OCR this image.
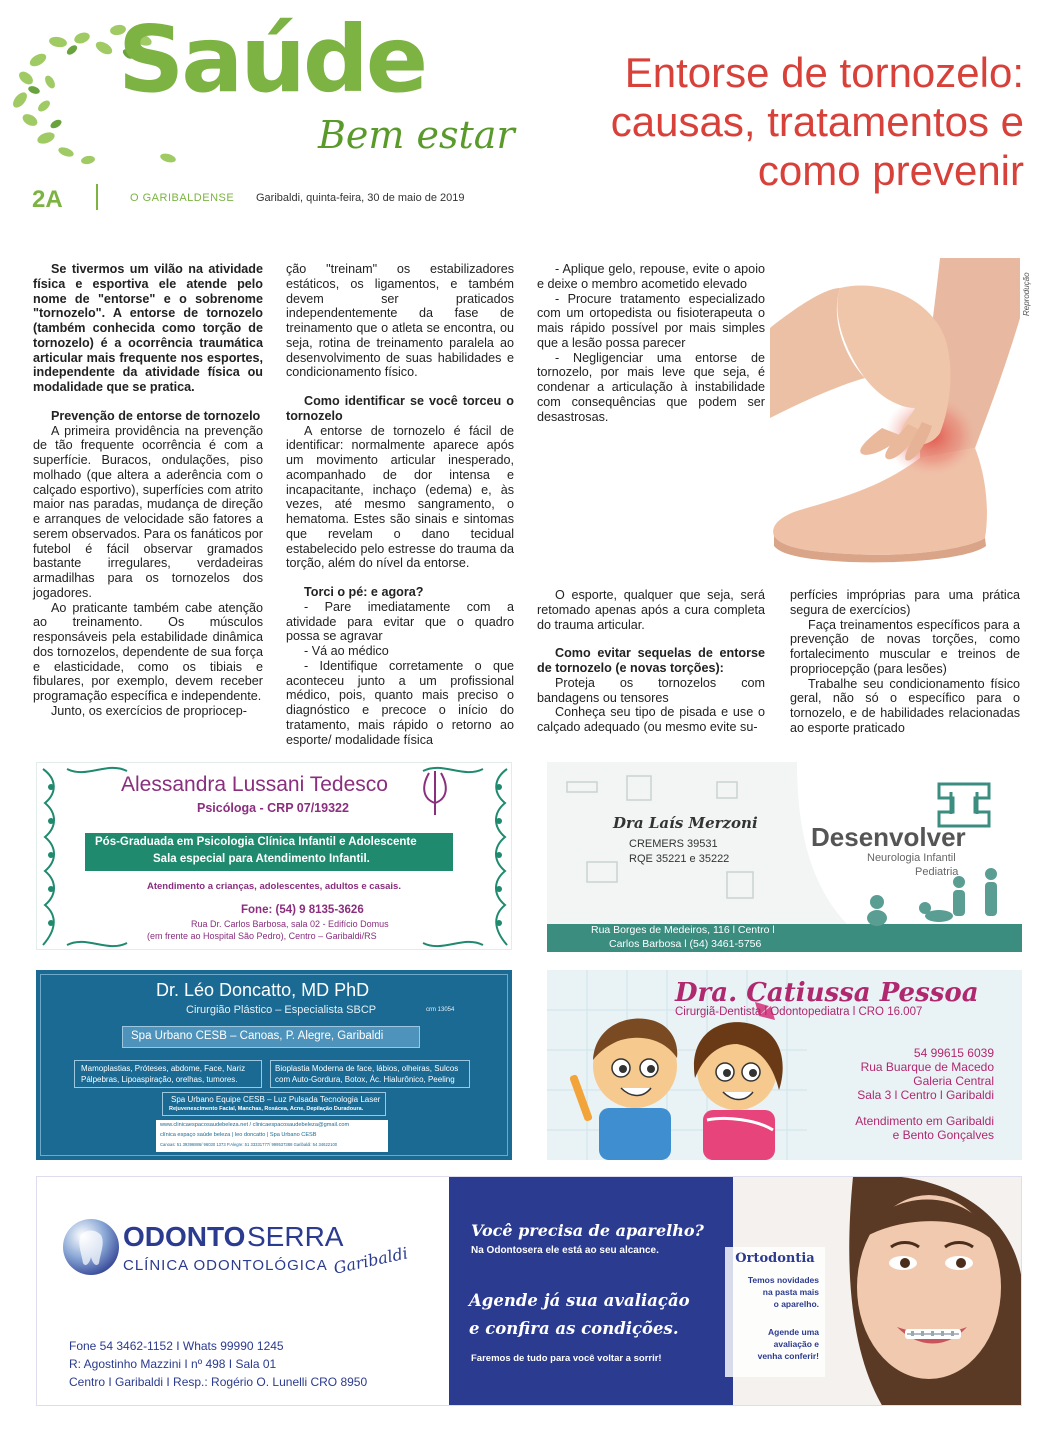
Saúde
Bem estar
2A	O GARIBALDENSE Garibaldi, quinta-feira, 30 de maio de 2019
Entorse de tornozelo:
causas, tratamentos e
como prevenir

Se tivermos um vilão na atividade física e esportiva ele atende pelo nome de "entorse" e o sobrenome "tornozelo". A entorse de tornozelo (também conhecida como torção de tornozelo) é a ocorrência traumática articular mais frequente nos esportes, independente da atividade física ou modalidade que se pratica.

Prevenção de entorse de tornozelo

A primeira providência na prevenção de tão frequente ocorrência é com a superfície. Buracos, ondulações, piso molhado (que altera a aderência com o calçado esportivo), superfícies com atrito maior nas paradas, mudança de direção e arranques de velocidade são fatores a serem observados. Para os fanáticos por futebol é fácil observar gramados bastante irregulares, verdadeiras armadilhas para os tornozelos dos jogadores.

Ao praticante também cabe atenção ao treinamento. Os músculos responsáveis pela estabilidade dinâmica dos tornozelos, dependente de sua força e elasticidade, como os tibiais e fibulares, por exemplo, devem receber programação específica e independente.

Junto, os exercícios de propriocep-

ção "treinam" os estabilizadores estáticos, os ligamentos, e também devem ser praticados independentemente da fase de treinamento que o atleta se encontra, ou seja, rotina de treinamento paralela ao desenvolvimento de suas habilidades e condicionamento físico.

Como identificar se você torceu o tornozelo

A entorse de tornozelo é fácil de identificar: normalmente aparece após um movimento articular inesperado, acompanhado de dor intensa e incapacitante, inchaço (edema) e, às vezes, até mesmo sangramento, o hematoma. Estes são sinais e sintomas que revelam o dano tecidual estabelecido pelo estresse do trauma da torção, além do nível da entorse.

Torci o pé: e agora?

- Pare imediatamente com a atividade para evitar que o quadro possa se agravar

- Vá ao médico

- Identifique corretamente o que aconteceu junto a um profissional médico, pois, quanto mais preciso o diagnóstico e precoce o início do tratamento, mais rápido o retorno ao esporte/ modalidade física

- Aplique gelo, repouse, evite o apoio e deixe o membro acometido elevado

- Procure tratamento especializado com um ortopedista ou fisioterapeuta o mais rápido possível por mais simples que a lesão possa parecer

- Negligenciar uma entorse de tornozelo, por mais leve que seja, é condenar a articulação à instabilidade com consequências que podem ser desastrosas.

O esporte, qualquer que seja, será retomado apenas após a cura completa do trauma articular.

Como evitar sequelas de entorse de tornozelo (e novas torções):

Proteja os tornozelos com bandagens ou tensores

Conheça seu tipo de pisada e use o calçado adequado (ou mesmo evite su-

perfícies impróprias para uma prática segura de exercícios)

Faça treinamentos específicos para a prevenção de novas torções, como fortalecimento muscular e treinos de propriocepção (para lesões)

Trabalhe seu condicionamento físico geral, não só o específico para o tornozelo, e de habilidades relacionadas ao esporte praticado

Reprodução
Alessandra Lussani Tedesco
Psicóloga - CRP 07/19322
Pós-Graduada em Psicologia Clínica Infantil e Adolescente
Sala especial para Atendimento Infantil.
Atendimento a crianças, adolescentes, adultos e casais.
Fone: (54) 9 8135-3626
Rua Dr. Carlos Barbosa, sala 02 - Edifício Domus
(em frente ao Hospital São Pedro), Centro – Garibaldi/RS
Dra Laís Merzoni
CREMERS 39531
RQE 35221 e 35222
Desenvolver
Neurologia Infantil
Pediatria
Rua Borges de Medeiros, 116 l Centro l
Carlos Barbosa l (54) 3461-5756
Dr. Léo Doncatto, MD PhD
Cirurgião Plástico – Especialista SBCP	crm 13054
Spa Urbano CESB – Canoas, P. Alegre, Garibaldi
Mamoplastias, Próteses, abdome, Face, Nariz
Pálpebras, Lipoaspiração, orelhas, tumores.
Bioplastia Moderna de face, lábios, olheiras, Sulcos
com Auto-Gordura, Botox, Ác. Hialurônico, Peeling
Spa Urbano Equipe CESB – Luz Pulsada Tecnologia Laser
Rejuvenescimento Facial, Manchas, Rosácea, Acne, Depilação Duradoura.
www.clinicaespacosaudebeleza.net / clinicaespacosaudebeleza@gmail.com
clínica espaço saúde beleza | leo doncatto | Spa Urbano CESB
Canoas: 51 39396886/ 96030 1373 P.Alegre: 51 33331777/ 999537388 Garibaldi: 54 34622100
Dra. Catiussa Pessoa
Cirurgiã-Dentista l Odontopediatra l CRO 16.007
54 99615 6039
Rua Buarque de Macedo
Galeria Central
Sala 3 l Centro l Garibaldi
Atendimento em Garibaldi
e Bento Gonçalves
ODONTO SERRA
CLÍNICA ODONTOLÓGICA Garibaldi
Fone 54 3462-1152 I Whats 99990 1245
R: Agostinho Mazzini I nº 498 I Sala 01
Centro I Garibaldi I Resp.: Rogério O. Lunelli CRO 8950
Você precisa de aparelho?
Na Odontosera ele está ao seu alcance.
Agende já sua avaliação
e confira as condições.
Faremos de tudo para você voltar a sorrir!
Ortodontia
Temos novidades
na pasta mais
o aparelho.
Agende uma
avaliação e
venha conferir!
